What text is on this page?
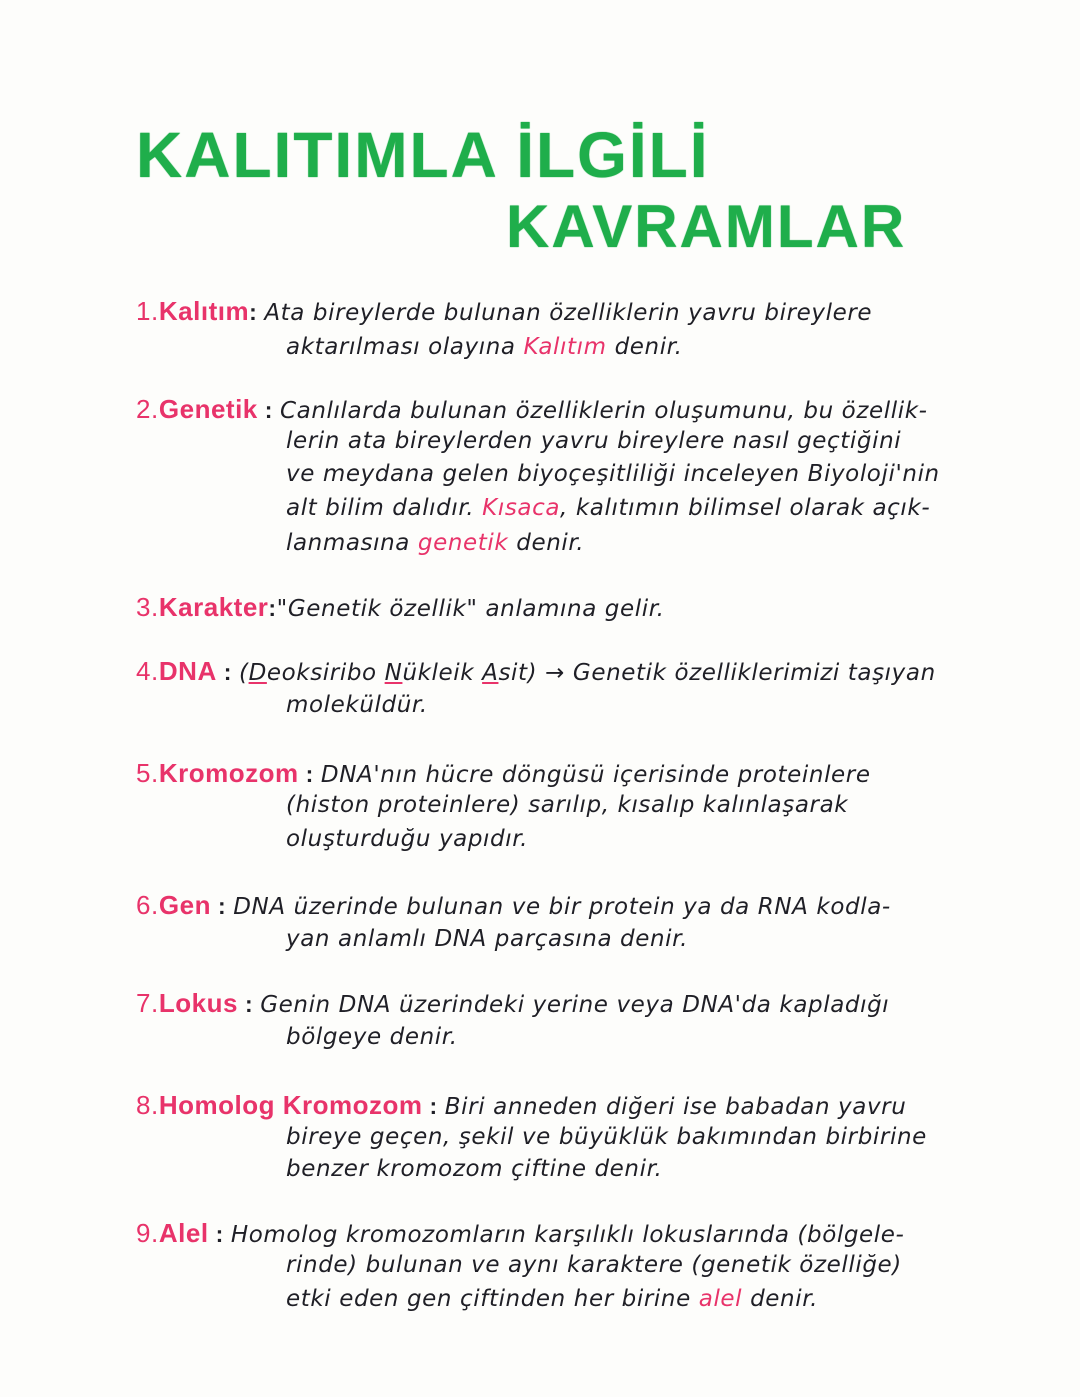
KALITIMLA İLGİLİ
KAVRAMLAR
1.Kalıtım: Ata bireylerde bulunan özelliklerin yavru bireylere
aktarılması olayına Kalıtım denir.
2.Genetik : Canlılarda bulunan özelliklerin oluşumunu, bu özellik-
lerin ata bireylerden yavru bireylere nasıl geçtiğini
ve meydana gelen biyoçeşitliliği inceleyen Biyoloji'nin
alt bilim dalıdır. Kısaca, kalıtımın bilimsel olarak açık-
lanmasına genetik denir.
3.Karakter:"Genetik özellik" anlamına gelir.
4.DNA : (Deoksiribo Nükleik Asit) → Genetik özelliklerimizi taşıyan
moleküldür.
5.Kromozom : DNA'nın hücre döngüsü içerisinde proteinlere
(histon proteinlere) sarılıp, kısalıp kalınlaşarak
oluşturduğu yapıdır.
6.Gen : DNA üzerinde bulunan ve bir protein ya da RNA kodla-
yan anlamlı DNA parçasına denir.
7.Lokus : Genin DNA üzerindeki yerine veya DNA'da kapladığı
bölgeye denir.
8.Homolog Kromozom : Biri anneden diğeri ise babadan yavru
bireye geçen, şekil ve büyüklük bakımından birbirine
benzer kromozom çiftine denir.
9.Alel : Homolog kromozomların karşılıklı lokuslarında (bölgele-
rinde) bulunan ve aynı karaktere (genetik özelliğe)
etki eden gen çiftinden her birine alel denir.
